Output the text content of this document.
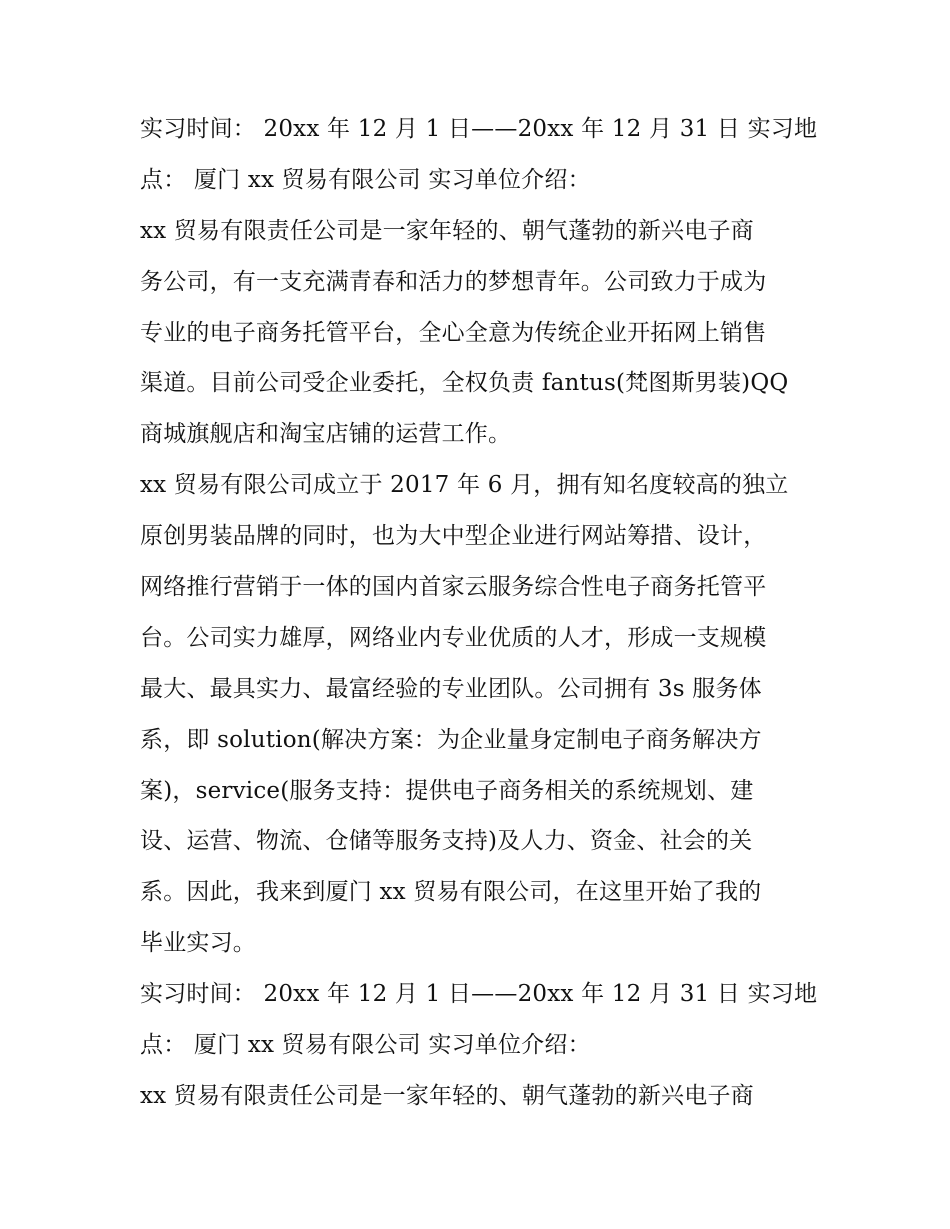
实习时间： 20xx 年 12 月 1 日——20xx 年 12 月 31 日 实习地
点： 厦门 xx 贸易有限公司 实习单位介绍：
xx 贸易有限责任公司是一家年轻的、朝气蓬勃的新兴电子商
务公司，有一支充满青春和活力的梦想青年。公司致力于成为
专业的电子商务托管平台，全心全意为传统企业开拓网上销售
渠道。目前公司受企业委托，全权负责 fantus(梵图斯男装)QQ
商城旗舰店和淘宝店铺的运营工作。
xx 贸易有限公司成立于 2017 年 6 月，拥有知名度较高的独立
原创男装品牌的同时，也为大中型企业进行网站筹措、设计，
网络推行营销于一体的国内首家云服务综合性电子商务托管平
台。公司实力雄厚，网络业内专业优质的人才，形成一支规模
最大、最具实力、最富经验的专业团队。公司拥有 3s 服务体
系，即 solution(解决方案：为企业量身定制电子商务解决方
案)，service(服务支持：提供电子商务相关的系统规划、建
设、运营、物流、仓储等服务支持)及人力、资金、社会的关
系。因此，我来到厦门 xx 贸易有限公司，在这里开始了我的
毕业实习。
实习时间： 20xx 年 12 月 1 日——20xx 年 12 月 31 日 实习地
点： 厦门 xx 贸易有限公司 实习单位介绍：
xx 贸易有限责任公司是一家年轻的、朝气蓬勃的新兴电子商
